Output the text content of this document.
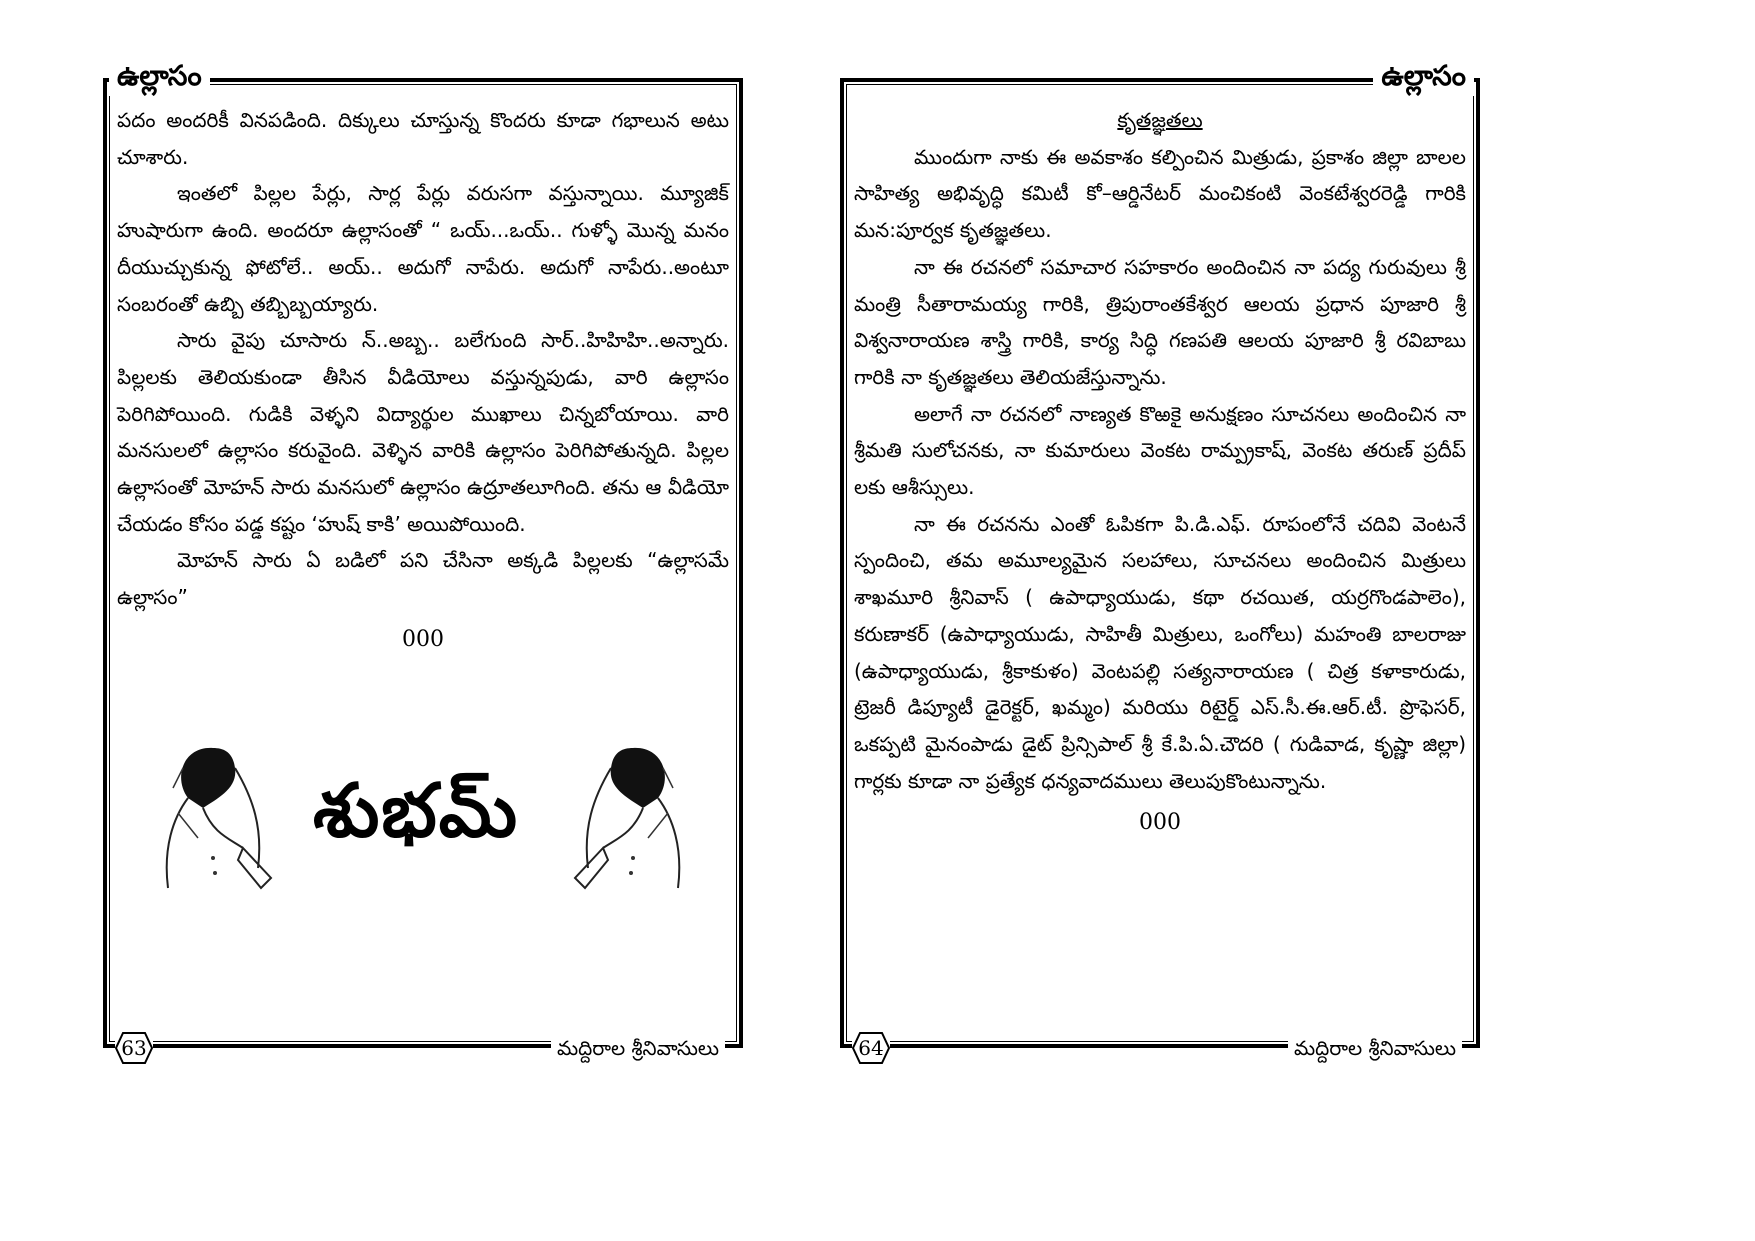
ఉల్లాసం

పదం అందరికీ వినపడింది. దిక్కులు చూస్తున్న కొందరు కూడా గభాలున అటు చూశారు.

ఇంతలో పిల్లల పేర్లు, సార్ల పేర్లు వరుసగా వస్తున్నాయి. మ్యూజిక్ హుషారుగా ఉంది. అందరూ ఉల్లాసంతో “ ఒయ్...ఒయ్.. గుళ్ళో మొన్న మనం దీయుచ్చుకున్న ఫోటోలే.. అయ్.. అదుగో నాపేరు. అదుగో నాపేరు..అంటూ సంబరంతో ఉబ్బి తబ్బిబ్బయ్యారు.

సారు వైపు చూసారు న్..అబ్బ.. బలేగుంది సార్..హిహిహి..అన్నారు. పిల్లలకు తెలియకుండా తీసిన వీడియోలు వస్తున్నపుడు, వారి ఉల్లాసం పెరిగిపోయింది. గుడికి వెళ్ళని విద్యార్థుల ముఖాలు చిన్నబోయాయి. వారి మనసులలో ఉల్లాసం కరువైంది. వెళ్ళిన వారికి ఉల్లాసం పెరిగిపోతున్నది. పిల్లల ఉల్లాసంతో మోహన్ సారు మనసులో ఉల్లాసం ఉద్రూతలూగింది. తను ఆ వీడియో చేయడం కోసం పడ్డ కష్టం ‘హుష్ కాకి’ అయిపోయింది.

మోహన్ సారు ఏ బడిలో పని చేసినా అక్కడి పిల్లలకు “ఉల్లాసమే ఉల్లాసం”

000

శుభమ్
63	మద్దిరాల శ్రీనివాసులు
ఉల్లాసం

కృతజ్ఞతలు

ముందుగా నాకు ఈ అవకాశం కల్పించిన మిత్రుడు, ప్రకాశం జిల్లా బాలల సాహిత్య అభివృద్ధి కమిటీ కో–ఆర్డినేటర్ మంచికంటి వెంకటేశ్వరరెడ్డి గారికి మన:పూర్వక కృతజ్ఞతలు.

నా ఈ రచనలో సమాచార సహకారం అందించిన నా పద్య గురువులు శ్రీ మంత్రి సీతారామయ్య గారికి, త్రిపురాంతకేశ్వర ఆలయ ప్రధాన పూజారి శ్రీ విశ్వనారాయణ శాస్త్రి గారికి, కార్య సిద్ధి గణపతి ఆలయ పూజారి శ్రీ రవిబాబు గారికి నా కృతజ్ఞతలు తెలియజేస్తున్నాను.

అలాగే నా రచనలో నాణ్యత కొఱకై అనుక్షణం సూచనలు అందించిన నా శ్రీమతి సులోచనకు, నా కుమారులు వెంకట రామ్ప్రకాష్, వెంకట తరుణ్ ప్రదీప్ లకు ఆశీస్సులు.

నా ఈ రచనను ఎంతో ఓపికగా పి.డి.ఎఫ్. రూపంలోనే చదివి వెంటనే స్పందించి, తమ అమూల్యమైన సలహాలు, సూచనలు అందించిన మిత్రులు శాఖమూరి శ్రీనివాస్ ( ఉపాధ్యాయుడు, కథా రచయిత, యర్రగొండపాలెం), కరుణాకర్ (ఉపాధ్యాయుడు, సాహితీ మిత్రులు, ఒంగోలు) మహంతి బాలరాజు (ఉపాధ్యాయుడు, శ్రీకాకుళం) వెంటపల్లి సత్యనారాయణ ( చిత్ర కళాకారుడు, ట్రెజరీ డిప్యూటీ డైరెక్టర్, ఖమ్మం) మరియు రిటైర్డ్ ఎస్.సీ.ఈ.ఆర్.టీ. ప్రొఫెసర్, ఒకప్పటి మైనంపాడు డైట్ ప్రిన్సిపాల్ శ్రీ కే.పి.ఏ.చౌదరి ( గుడివాడ, కృష్ణా జిల్లా) గార్లకు కూడా నా ప్రత్యేక ధన్యవాదములు తెలుపుకొంటున్నాను.

000

64	మద్దిరాల శ్రీనివాసులు
